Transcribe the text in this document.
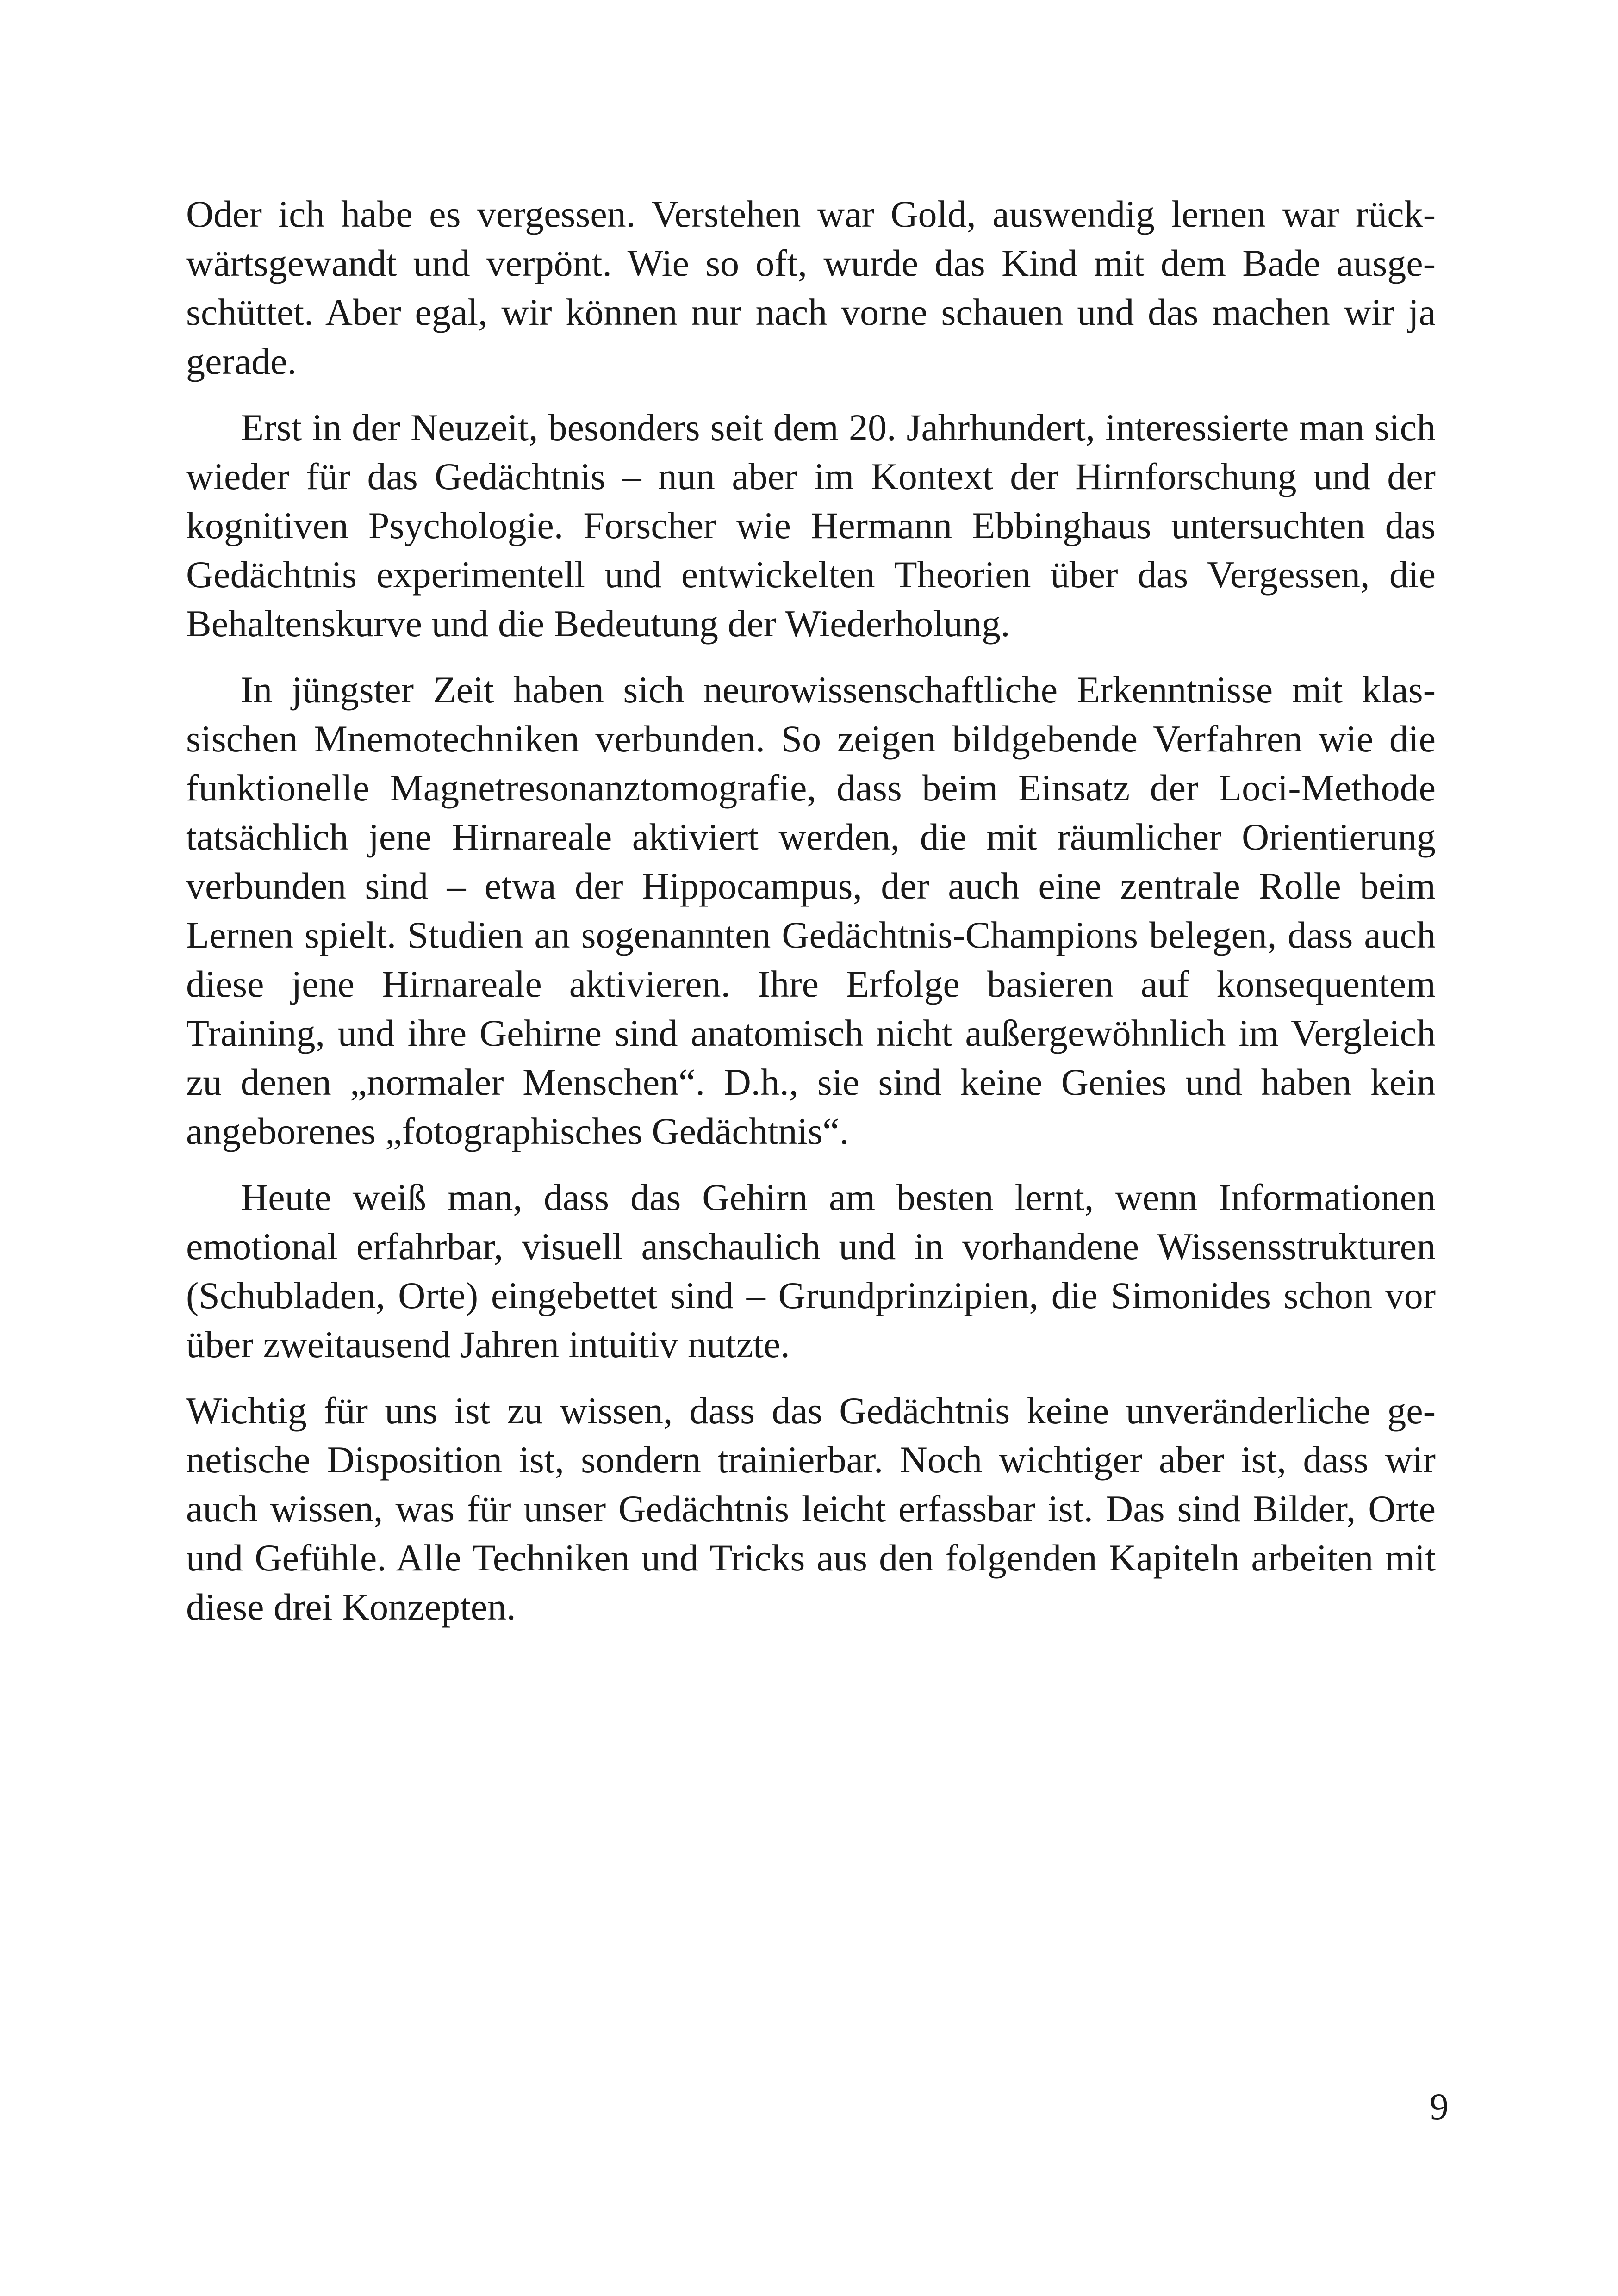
Oder ich habe es vergessen. Verstehen war Gold, auswendig lernen war rückwärtsgewandt und verpönt. Wie so oft, wurde das Kind mit dem Bade ausgeschüttet. Aber egal, wir können nur nach vorne schauen und das machen wir ja gerade.

Erst in der Neuzeit, besonders seit dem 20. Jahrhundert, interessierte man sich wieder für das Gedächtnis – nun aber im Kontext der Hirnforschung und der kognitiven Psychologie. Forscher wie Hermann Ebbinghaus untersuchten das Gedächtnis experimentell und entwickelten Theorien über das Vergessen, die Behaltenskurve und die Bedeutung der Wiederholung.

In jüngster Zeit haben sich neurowissenschaftliche Erkenntnisse mit klassischen Mnemotechniken verbunden. So zeigen bildgebende Verfahren wie die funktionelle Magnetresonanztomografie, dass beim Einsatz der Loci-Methode tatsächlich jene Hirnareale aktiviert werden, die mit räumlicher Orientierung verbunden sind – etwa der Hippocampus, der auch eine zentrale Rolle beim Lernen spielt. Studien an sogenannten Gedächtnis-Champions belegen, dass auch diese jene Hirnareale aktivieren. Ihre Erfolge basieren auf konsequentem Training, und ihre Gehirne sind anatomisch nicht außergewöhnlich im Vergleich zu denen „normaler Menschen“. D.h., sie sind keine Genies und haben kein angeborenes „fotographisches Gedächtnis“.

Heute weiß man, dass das Gehirn am besten lernt, wenn Informationen emotional erfahrbar, visuell anschaulich und in vorhandene Wissensstrukturen (Schubladen, Orte) eingebettet sind – Grundprinzipien, die Simonides schon vor über zweitausend Jahren intuitiv nutzte.

Wichtig für uns ist zu wissen, dass das Gedächtnis keine unveränderliche genetische Disposition ist, sondern trainierbar. Noch wichtiger aber ist, dass wir auch wissen, was für unser Gedächtnis leicht erfassbar ist. Das sind Bilder, Orte und Gefühle. Alle Techniken und Tricks aus den folgenden Kapiteln arbeiten mit diese drei Konzepten.

9
